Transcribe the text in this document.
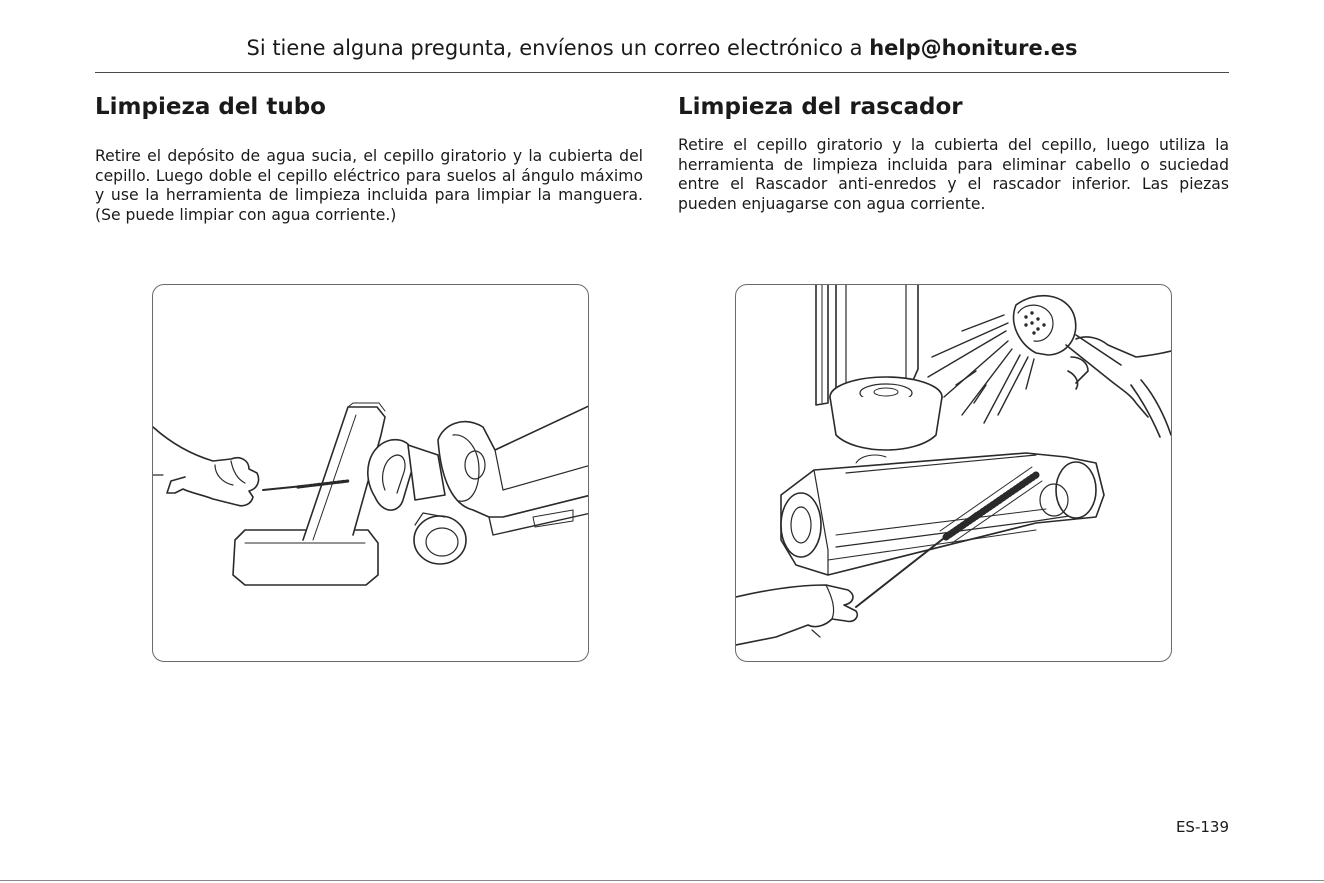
Si tiene alguna pregunta, envíenos un correo electrónico a help@honiture.es
Limpieza del tubo

Retire el depósito de agua sucia, el cepillo giratorio y la cubierta del cepillo. Luego doble el cepillo eléctrico para suelos al ángulo máximo y use la herramienta de limpieza incluida para limpiar la manguera. (Se puede limpiar con agua corriente.)

Limpieza del rascador

Retire el cepillo giratorio y la cubierta del cepillo, luego utiliza la herramienta de limpieza incluida para eliminar cabello o suciedad entre el Rascador anti-enredos y el rascador inferior. Las piezas pueden enjuagarse con agua corriente.

ES-139
